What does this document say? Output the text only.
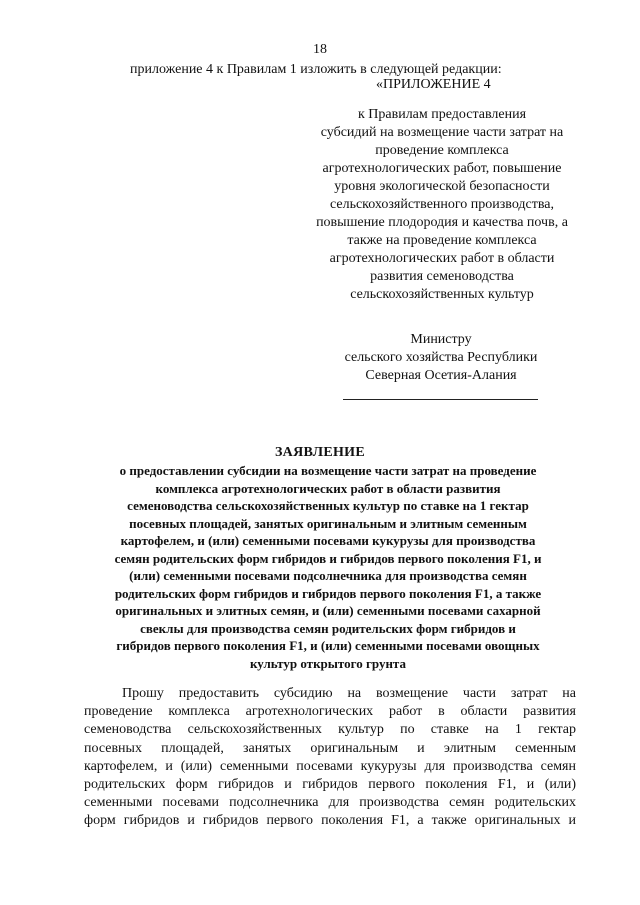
18
приложение 4 к Правилам 1 изложить в следующей редакции:
«ПРИЛОЖЕНИЕ 4
к Правилам предоставления
субсидий на возмещение части затрат на
проведение комплекса
агротехнологических работ, повышение
уровня экологической безопасности
сельскохозяйственного производства,
повышение плодородия и качества почв, а
также на проведение комплекса
агротехнологических работ в области
развития семеноводства
сельскохозяйственных культур
Министру
сельского хозяйства Республики
Северная Осетия-Алания
ЗАЯВЛЕНИЕ
о предоставлении субсидии на возмещение части затрат на проведение
комплекса агротехнологических работ в области развития
семеноводства сельскохозяйственных культур по ставке на 1 гектар
посевных площадей, занятых оригинальным и элитным семенным
картофелем, и (или) семенными посевами кукурузы для производства
семян родительских форм гибридов и гибридов первого поколения F1, и
(или) семенными посевами подсолнечника для производства семян
родительских форм гибридов и гибридов первого поколения F1, а также
оригинальных и элитных семян, и (или) семенными посевами сахарной
свеклы для производства семян родительских форм гибридов и
гибридов первого поколения F1, и (или) семенными посевами овощных
культур открытого грунта
Прошу предоставить субсидию на возмещение части затрат на
проведение комплекса агротехнологических работ в области развития
семеноводства сельскохозяйственных культур по ставке на 1 гектар
посевных площадей, занятых оригинальным и элитным семенным
картофелем, и (или) семенными посевами кукурузы для производства семян
родительских форм гибридов и гибридов первого поколения F1, и (или)
семенными посевами подсолнечника для производства семян родительских
форм гибридов и гибридов первого поколения F1, а также оригинальных и
